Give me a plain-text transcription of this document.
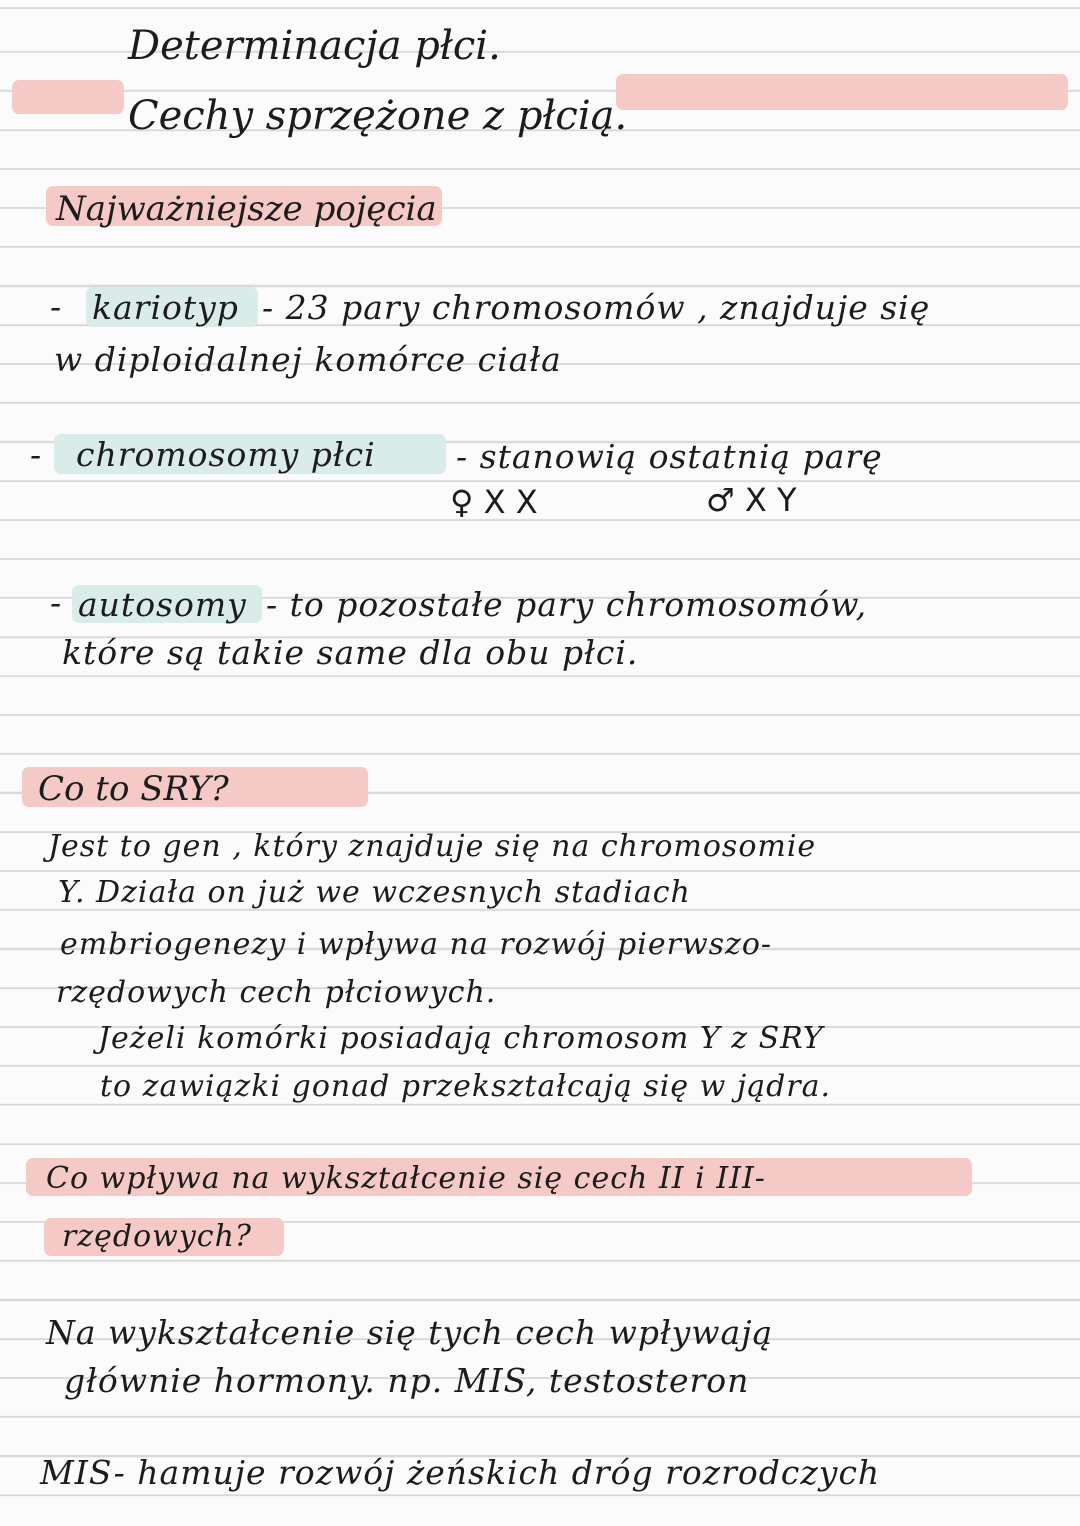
Determinacja płci.
Cechy sprzężone z płcią.
Najważniejsze pojęcia
- kariotyp - 23 pary chromosomów , znajduje się
w diploidalnej komórce ciała
- chromosomy płci - stanowią ostatnią parę
♀ X X	♂ X Y
- autosomy - to pozostałe pary chromosomów,
które są takie same dla obu płci.
Co to SRY?
Jest to gen , który znajduje się na chromosomie
Y. Działa on już we wczesnych stadiach
embriogenezy i wpływa na rozwój pierwszo-
rzędowych cech płciowych.
Jeżeli komórki posiadają chromosom Y z SRY
to zawiązki gonad przekształcają się w jądra.
Co wpływa na wykształcenie się cech II i III-
rzędowych?
Na wykształcenie się tych cech wpływają
głównie hormony. np. MIS, testosteron
MIS- hamuje rozwój żeńskich dróg rozrodczych
